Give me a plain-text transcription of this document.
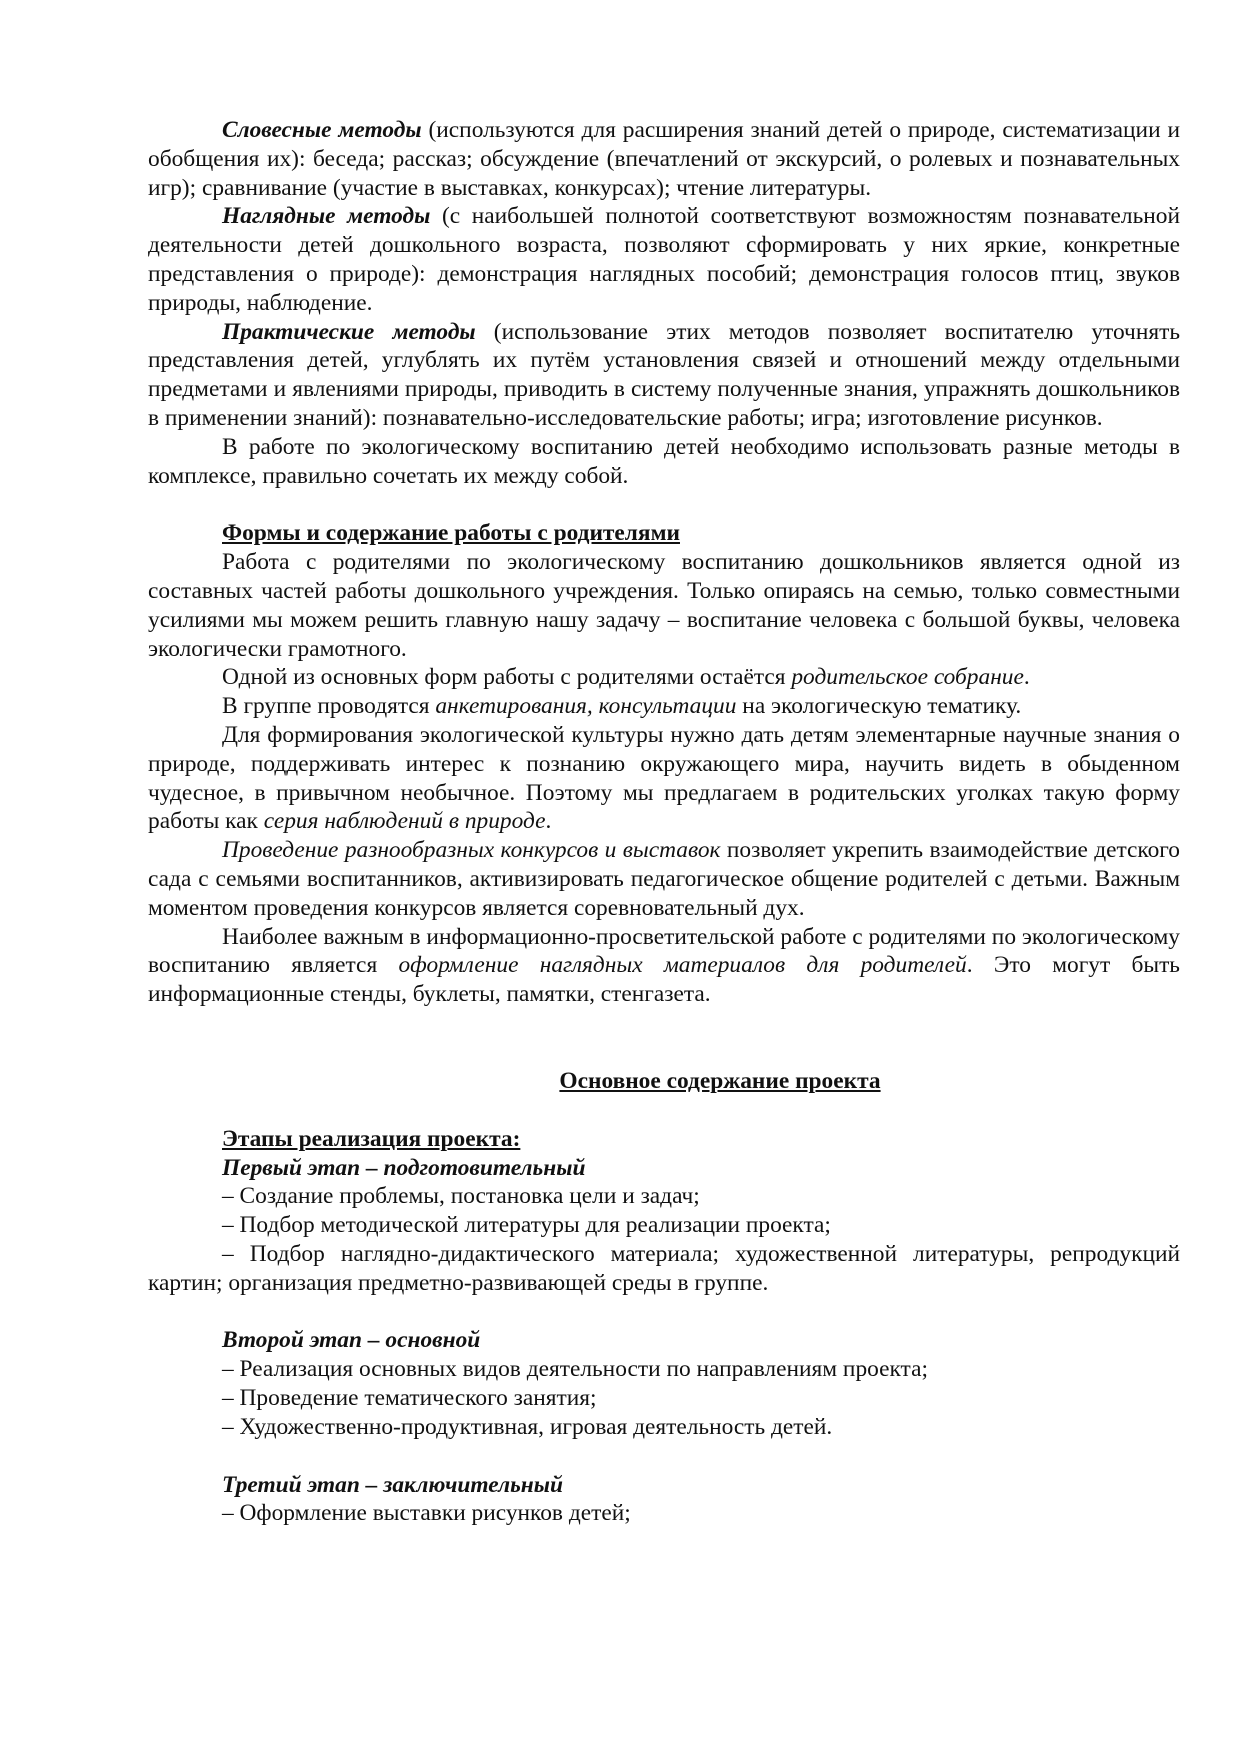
Словесные методы (используются для расширения знаний детей о природе, систематизации и обобщения их): беседа; рассказ; обсуждение (впечатлений от экскурсий, о ролевых и познавательных игр); сравнивание (участие в выставках, конкурсах); чтение литературы.

Наглядные методы (с наибольшей полнотой соответствуют возможностям познавательной деятельности детей дошкольного возраста, позволяют сформировать у них яркие, конкретные представления о природе): демонстрация наглядных пособий; демонстрация голосов птиц, звуков природы, наблюдение.

Практические методы (использование этих методов позволяет воспитателю уточнять представления детей, углублять их путём установления связей и отношений между отдельными предметами и явлениями природы, приводить в систему полученные знания, упражнять дошкольников в применении знаний): познавательно-исследовательские работы; игра; изготовление рисунков.

В работе по экологическому воспитанию детей необходимо использовать разные методы в комплексе, правильно сочетать их между собой.

Формы и содержание работы с родителями

Работа с родителями по экологическому воспитанию дошкольников является одной из составных частей работы дошкольного учреждения. Только опираясь на семью, только совместными усилиями мы можем решить главную нашу задачу – воспитание человека с большой буквы, человека экологически грамотного.

Одной из основных форм работы с родителями остаётся родительское собрание.

В группе проводятся анкетирования, консультации на экологическую тематику.

Для формирования экологической культуры нужно дать детям элементарные научные знания о природе, поддерживать интерес к познанию окружающего мира, научить видеть в обыденном чудесное, в привычном необычное. Поэтому мы предлагаем в родительских уголках такую форму работы как серия наблюдений в природе.

Проведение разнообразных конкурсов и выставок позволяет укрепить взаимодействие детского сада с семьями воспитанников, активизировать педагогическое общение родителей с детьми. Важным моментом проведения конкурсов является соревновательный дух.

Наиболее важным в информационно-просветительской работе с родителями по экологическому воспитанию является оформление наглядных материалов для родителей. Это могут быть информационные стенды, буклеты, памятки, стенгазета.

Основное содержание проекта

Этапы реализация проекта:

Первый этап – подготовительный

– Создание проблемы, постановка цели и задач;

– Подбор методической литературы для реализации проекта;

– Подбор наглядно-дидактического материала; художественной литературы, репродукций картин; организация предметно-развивающей среды в группе.

Второй этап – основной

– Реализация основных видов деятельности по направлениям проекта;

– Проведение тематического занятия;

– Художественно-продуктивная, игровая деятельность детей.

Третий этап – заключительный

– Оформление выставки рисунков детей;
